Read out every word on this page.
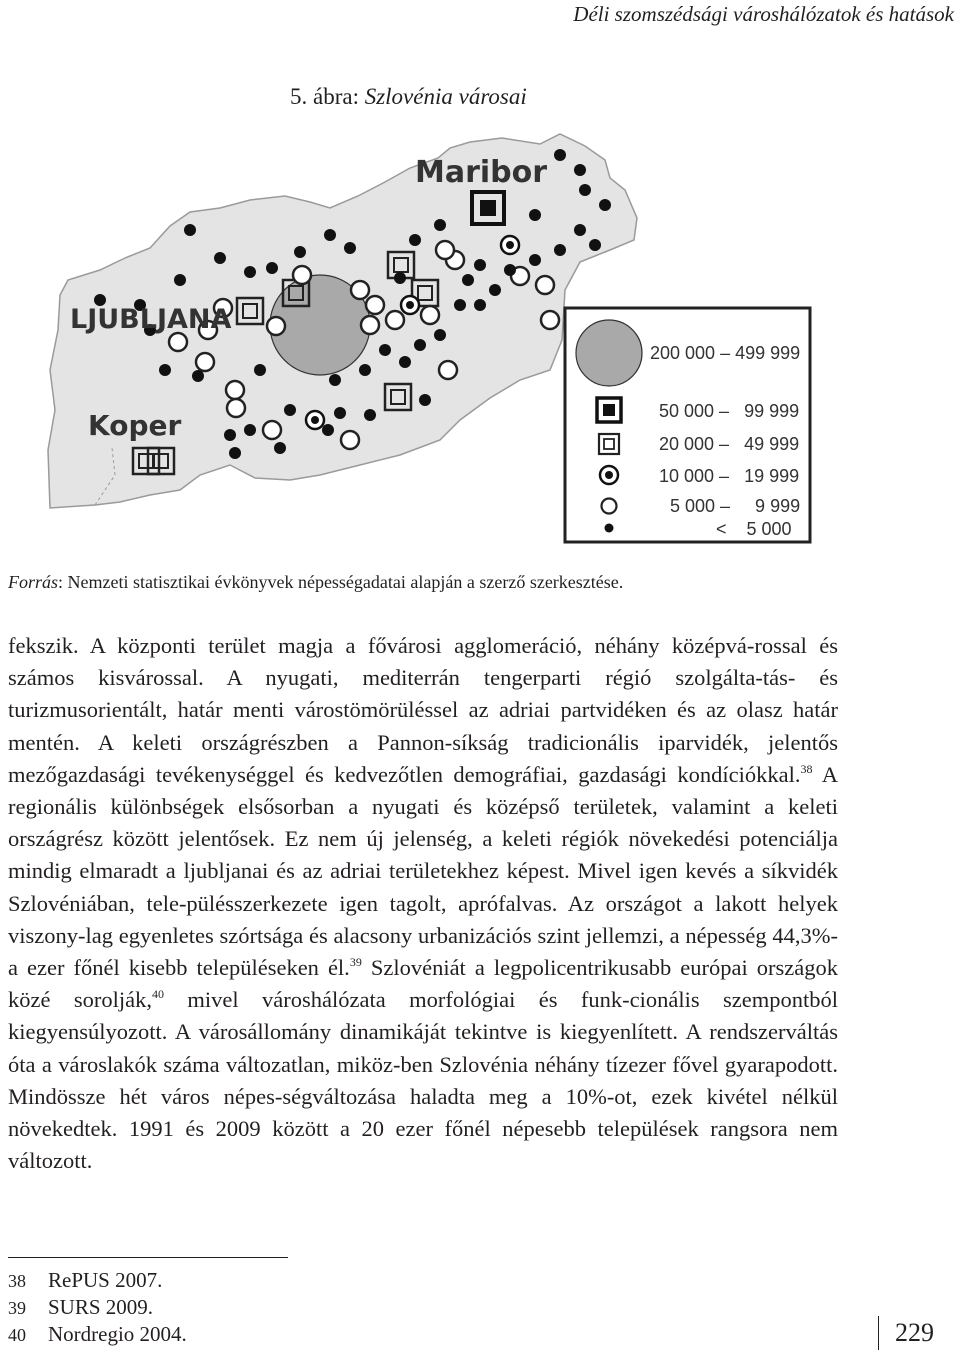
Déli szomszédsági városhálózatok és hatások
5. ábra: Szlovénia városai
Maribor
LJUBLJANA
Koper
200 000 – 499 999
50 000 –   99 999
20 000 –   49 999
10 000 –   19 999
5 000 –     9 999
<    5 000
Forrás: Nemzeti statisztikai évkönyvek népességadatai alapján a szerző szerkesztése.
fekszik. A központi terület magja a fővárosi agglomeráció, néhány középvá-rossal és számos kisvárossal. A nyugati, mediterrán tengerparti régió szolgálta-tás- és turizmusorientált, határ menti várostömörüléssel az adriai partvidéken és az olasz határ mentén. A keleti országrészben a Pannon-síkság tradicionális iparvidék, jelentős mezőgazdasági tevékenységgel és kedvezőtlen demográfiai, gazdasági kondíciókkal.$^{38}$ A regionális különbségek elsősorban a nyugati és középső területek, valamint a keleti országrész között jelentősek. Ez nem új jelenség, a keleti régiók növekedési potenciálja mindig elmaradt a ljubljanai és az adriai területekhez képest. Mivel igen kevés a síkvidék Szlovéniában, tele-pülésszerkezete igen tagolt, aprófalvas. Az országot a lakott helyek viszony-lag egyenletes szórtsága és alacsony urbanizációs szint jellemzi, a népesség 44,3%-a ezer főnél kisebb településeken él.$^{39}$ Szlovéniát a legpolicentrikusabb európai országok közé sorolják,$^{40}$ mivel városhálózata morfológiai és funk-cionális szempontból kiegyensúlyozott. A városállomány dinamikáját tekintve is kiegyenlített. A rendszerváltás óta a városlakók száma változatlan, miköz-ben Szlovénia néhány tízezer fővel gyarapodott. Mindössze hét város népes-ségváltozása haladta meg a 10%-ot, ezek kivétel nélkül növekedtek. 1991 és 2009 között a 20 ezer főnél népesebb települések rangsora nem változott.
38	RePUS 2007.
39	SURS 2009.
40	Nordregio 2004.	229
